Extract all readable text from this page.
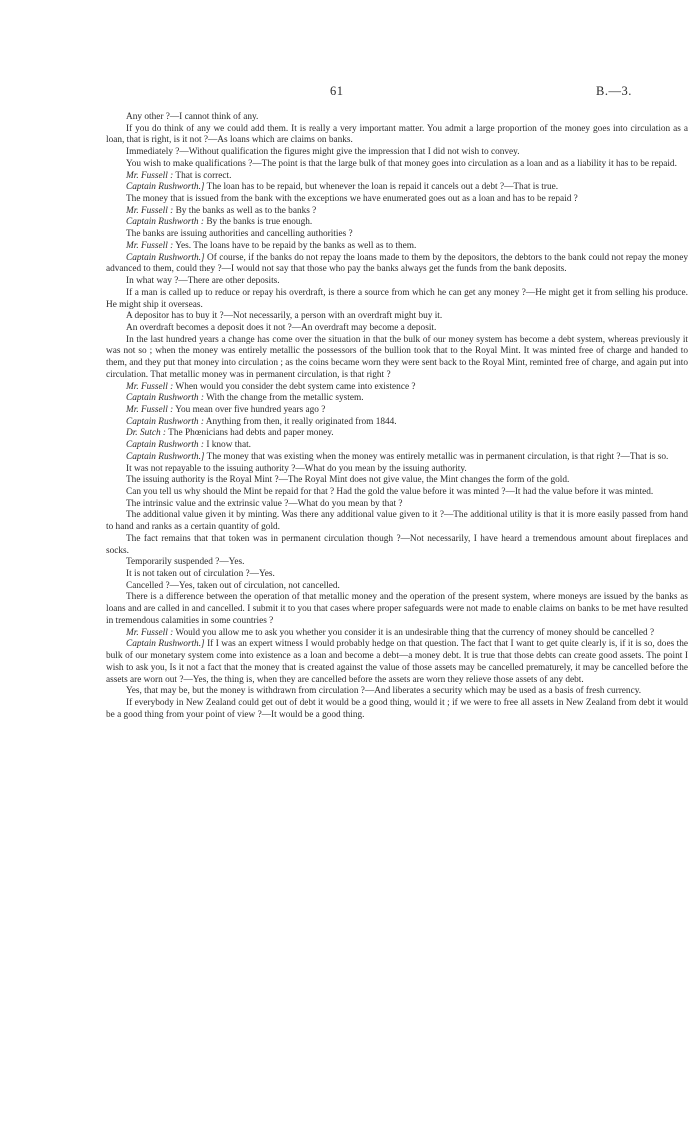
61	B.—3.

Any other ?—I cannot think of any.

If you do think of any we could add them. It is really a very important matter. You admit a large proportion of the money goes into circulation as a loan, that is right, is it not ?—As loans which are claims on banks.

Immediately ?—Without qualification the figures might give the impression that I did not wish to convey.

You wish to make qualifications ?—The point is that the large bulk of that money goes into circulation as a loan and as a liability it has to be repaid.

Mr. Fussell : That is correct.

Captain Rushworth.] The loan has to be repaid, but whenever the loan is repaid it cancels out a debt ?—That is true.

The money that is issued from the bank with the exceptions we have enumerated goes out as a loan and has to be repaid ?

Mr. Fussell : By the banks as well as to the banks ?

Captain Rushworth : By the banks is true enough.

The banks are issuing authorities and cancelling authorities ?

Mr. Fussell : Yes. The loans have to be repaid by the banks as well as to them.

Captain Rushworth.] Of course, if the banks do not repay the loans made to them by the depositors, the debtors to the bank could not repay the money advanced to them, could they ?—I would not say that those who pay the banks always get the funds from the bank deposits.

In what way ?—There are other deposits.

If a man is called up to reduce or repay his overdraft, is there a source from which he can get any money ?—He might get it from selling his produce. He might ship it overseas.

A depositor has to buy it ?—Not necessarily, a person with an overdraft might buy it.

An overdraft becomes a deposit does it not ?—An overdraft may become a deposit.

In the last hundred years a change has come over the situation in that the bulk of our money system has become a debt system, whereas previously it was not so ; when the money was entirely metallic the possessors of the bullion took that to the Royal Mint. It was minted free of charge and handed to them, and they put that money into circulation ; as the coins became worn they were sent back to the Royal Mint, reminted free of charge, and again put into circulation. That metallic money was in permanent circulation, is that right ?

Mr. Fussell : When would you consider the debt system came into existence ?

Captain Rushworth : With the change from the metallic system.

Mr. Fussell : You mean over five hundred years ago ?

Captain Rushworth : Anything from then, it really originated from 1844.

Dr. Sutch : The Phœnicians had debts and paper money.

Captain Rushworth : I know that.

Captain Rushworth.] The money that was existing when the money was entirely metallic was in permanent circulation, is that right ?—That is so.

It was not repayable to the issuing authority ?—What do you mean by the issuing authority.

The issuing authority is the Royal Mint ?—The Royal Mint does not give value, the Mint changes the form of the gold.

Can you tell us why should the Mint be repaid for that ? Had the gold the value before it was minted ?—It had the value before it was minted.

The intrinsic value and the extrinsic value ?—What do you mean by that ?

The additional value given it by minting. Was there any additional value given to it ?—The additional utility is that it is more easily passed from hand to hand and ranks as a certain quantity of gold.

The fact remains that that token was in permanent circulation though ?—Not necessarily, I have heard a tremendous amount about fireplaces and socks.

Temporarily suspended ?—Yes.

It is not taken out of circulation ?—Yes.

Cancelled ?—Yes, taken out of circulation, not cancelled.

There is a difference between the operation of that metallic money and the operation of the present system, where moneys are issued by the banks as loans and are called in and cancelled. I submit it to you that cases where proper safeguards were not made to enable claims on banks to be met have resulted in tremendous calamities in some countries ?

Mr. Fussell : Would you allow me to ask you whether you consider it is an undesirable thing that the currency of money should be cancelled ?

Captain Rushworth.] If I was an expert witness I would probably hedge on that question. The fact that I want to get quite clearly is, if it is so, does the bulk of our monetary system come into existence as a loan and become a debt—a money debt. It is true that those debts can create good assets. The point I wish to ask you, Is it not a fact that the money that is created against the value of those assets may be cancelled prematurely, it may be cancelled before the assets are worn out ?—Yes, the thing is, when they are cancelled before the assets are worn they relieve those assets of any debt.

Yes, that may be, but the money is withdrawn from circulation ?—And liberates a security which may be used as a basis of fresh currency.

If everybody in New Zealand could get out of debt it would be a good thing, would it ; if we were to free all assets in New Zealand from debt it would be a good thing from your point of view ?—It would be a good thing.
